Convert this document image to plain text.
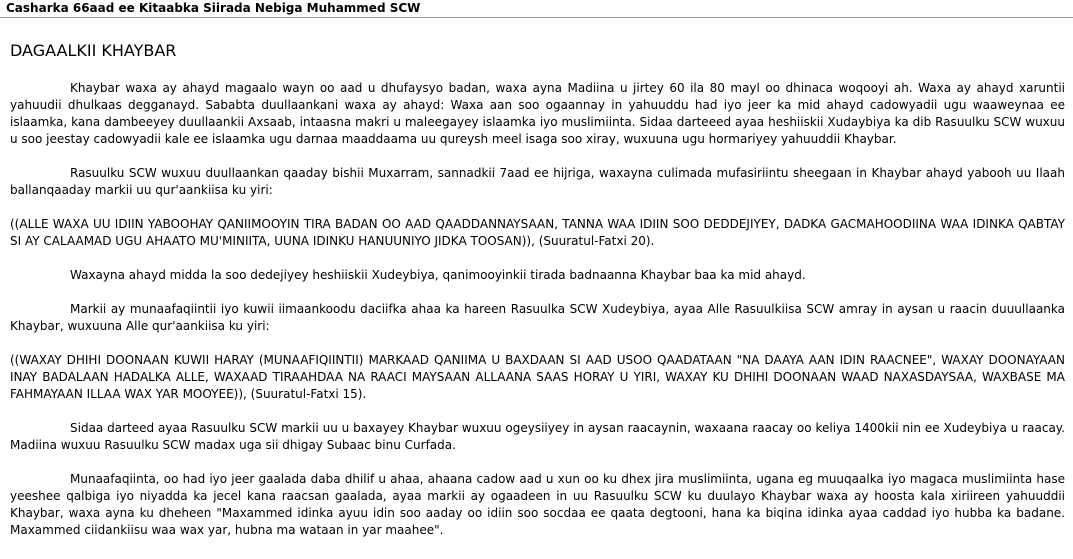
Casharka 66aad ee Kitaabka Siirada Nebiga Muhammed SCW
DAGAALKII KHAYBAR

Khaybar waxa ay ahayd magaalo wayn oo aad u dhufaysyo badan, waxa ayna Madiina u jirtey 60 ila 80 mayl oo dhinaca woqooyi ah. Waxa ay ahayd xaruntii yahuudii dhulkaas degganayd. Sababta duullaankani waxa ay ahayd: Waxa aan soo ogaannay in yahuuddu had iyo jeer ka mid ahayd cadowyadii ugu waaweynaa ee islaamka, kana dambeeyey duullaankii Axsaab, intaasna makri u maleegayey islaamka iyo muslimiinta. Sidaa darteeed ayaa heshiiskii Xudaybiya ka dib Rasuulku SCW wuxuu u soo jeestay cadowyadii kale ee islaamka ugu darnaa maaddaama uu qureysh meel isaga soo xiray, wuxuuna ugu hormariyey yahuuddii Khaybar.

Rasuulku SCW wuxuu duullaankan qaaday bishii Muxarram, sannadkii 7aad ee hijriga, waxayna culimada mufasiriintu sheegaan in Khaybar ahayd yabooh uu Ilaah ballanqaaday markii uu qur'aankiisa ku yiri:

((ALLE WAXA UU IDIIN YABOOHAY QANIIMOOYIN TIRA BADAN OO AAD QAADDANNAYSAAN, TANNA WAA IDIIN SOO DEDDEJIYEY, DADKA GACMAHOODIINA WAA IDINKA QABTAY SI AY CALAAMAD UGU AHAATO MU'MINIITA, UUNA IDINKU HANUUNIYO JIDKA TOOSAN)), (Suuratul-Fatxi 20).

Waxayna ahayd midda la soo dedejiyey heshiiskii Xudeybiya, qanimooyinkii tirada badnaanna Khaybar baa ka mid ahayd.

Markii ay munaafaqiintii iyo kuwii iimaankoodu daciifka ahaa ka hareen Rasuulka SCW Xudeybiya, ayaa Alle Rasuulkiisa SCW amray in aysan u raacin duuullaanka Khaybar, wuxuuna Alle qur'aankiisa ku yiri:

((WAXAY DHIHI DOONAAN KUWII HARAY (MUNAAFIQIINTII) MARKAAD QANIIMA U BAXDAAN SI AAD USOO QAADATAAN "NA DAAYA AAN IDIN RAACNEE", WAXAY DOONAYAAN INAY BADALAAN HADALKA ALLE, WAXAAD TIRAAHDAA NA RAACI MAYSAAN ALLAANA SAAS HORAY U YIRI, WAXAY KU DHIHI DOONAAN WAAD NAXASDAYSAA, WAXBASE MA FAHMAYAAN ILLAA WAX YAR MOOYEE)), (Suuratul-Fatxi 15).

Sidaa darteed ayaa Rasuulku SCW markii uu u baxayey Khaybar wuxuu ogeysiiyey in aysan raacaynin, waxaana raacay oo keliya 1400kii nin ee Xudeybiya u raacay. Madiina wuxuu Rasuulku SCW madax uga sii dhigay Subaac binu Curfada.

Munaafaqiinta, oo had iyo jeer gaalada daba dhilif u ahaa, ahaana cadow aad u xun oo ku dhex jira muslimiinta, ugana eg muuqaalka iyo magaca muslimiinta hase yeeshee qalbiga iyo niyadda ka jecel kana raacsan gaalada, ayaa markii ay ogaadeen in uu Rasuulku SCW ku duulayo Khaybar waxa ay hoosta kala xiriireen yahuuddii Khaybar, waxa ayna ku dheheen "Maxammed idinka ayuu idin soo aaday oo idiin soo socdaa ee qaata degtooni, hana ka biqina idinka ayaa caddad iyo hubba ka badane. Maxammed ciidankiisu waa wax yar, hubna ma wataan in yar maahee".
